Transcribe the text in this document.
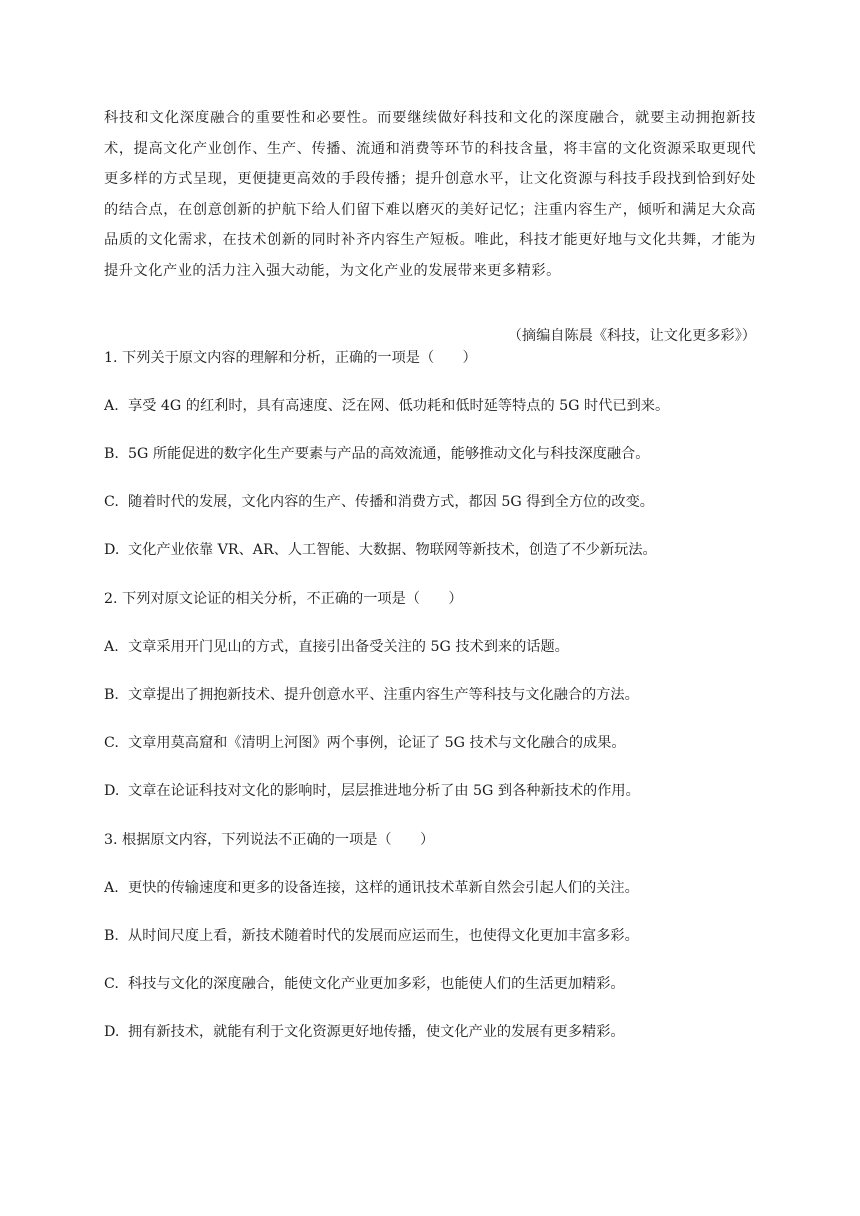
科技和文化深度融合的重要性和必要性。而要继续做好科技和文化的深度融合，就要主动拥抱新技术，提高文化产业创作、生产、传播、流通和消费等环节的科技含量，将丰富的文化资源采取更现代更多样的方式呈现，更便捷更高效的手段传播；提升创意水平，让文化资源与科技手段找到恰到好处的结合点，在创意创新的护航下给人们留下难以磨灭的美好记忆；注重内容生产，倾听和满足大众高品质的文化需求，在技术创新的同时补齐内容生产短板。唯此，科技才能更好地与文化共舞，才能为提升文化产业的活力注入强大动能，为文化产业的发展带来更多精彩。

（摘编自陈晨《科技，让文化更多彩》）

1. 下列关于原文内容的理解和分析，正确的一项是（　　）

A. 享受 4G 的红利时，具有高速度、泛在网、低功耗和低时延等特点的 5G 时代已到来。

B. 5G 所能促进的数字化生产要素与产品的高效流通，能够推动文化与科技深度融合。

C. 随着时代的发展，文化内容的生产、传播和消费方式，都因 5G 得到全方位的改变。

D. 文化产业依靠 VR、AR、人工智能、大数据、物联网等新技术，创造了不少新玩法。

2. 下列对原文论证的相关分析，不正确的一项是（　　）

A. 文章采用开门见山的方式，直接引出备受关注的 5G 技术到来的话题。

B. 文章提出了拥抱新技术、提升创意水平、注重内容生产等科技与文化融合的方法。

C. 文章用莫高窟和《清明上河图》两个事例，论证了 5G 技术与文化融合的成果。

D. 文章在论证科技对文化的影响时，层层推进地分析了由 5G 到各种新技术的作用。

3. 根据原文内容，下列说法不正确的一项是（　　）

A. 更快的传输速度和更多的设备连接，这样的通讯技术革新自然会引起人们的关注。

B. 从时间尺度上看，新技术随着时代的发展而应运而生，也使得文化更加丰富多彩。

C. 科技与文化的深度融合，能使文化产业更加多彩，也能使人们的生活更加精彩。

D. 拥有新技术，就能有利于文化资源更好地传播，使文化产业的发展有更多精彩。
